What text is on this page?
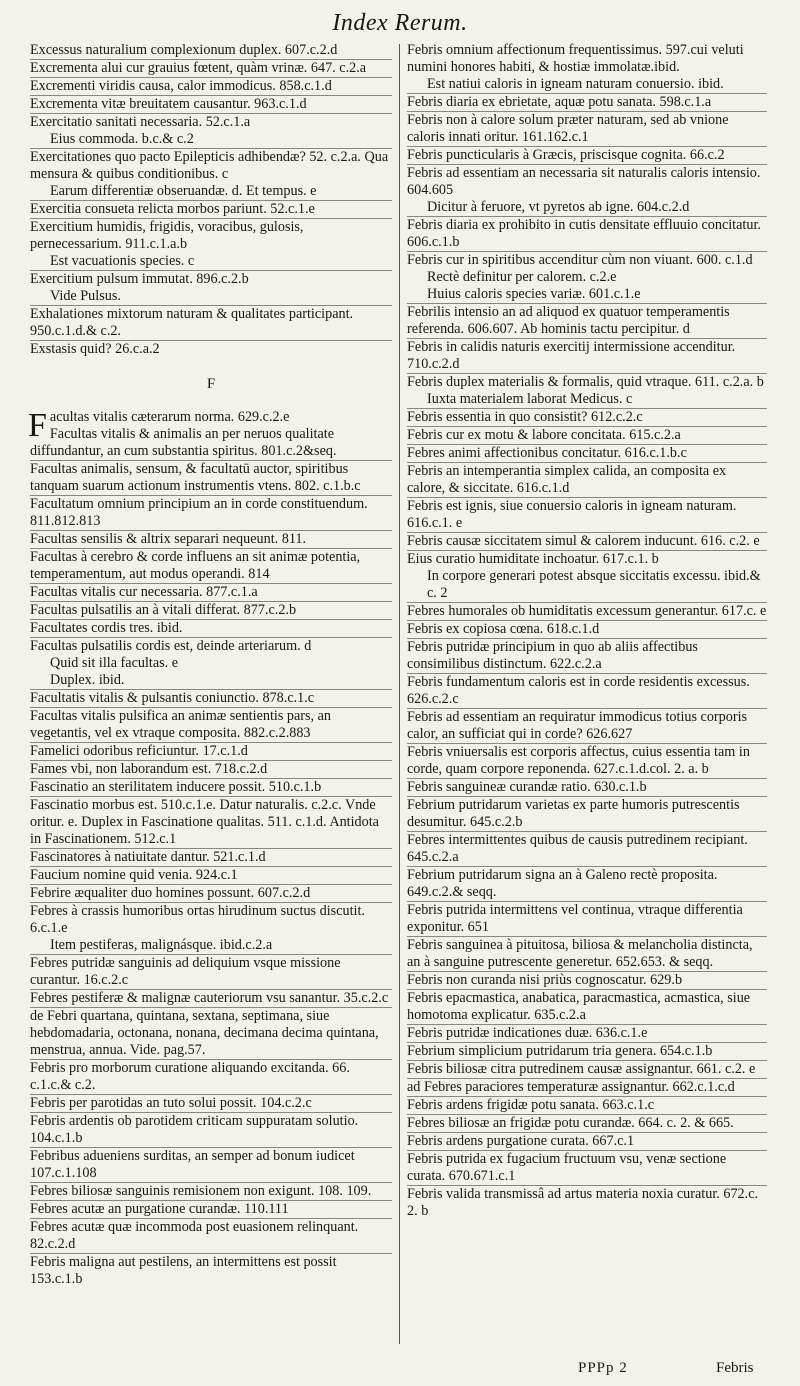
Index Rerum.

Excessus naturalium complexionum duplex. 607.c.2.d

Excrementa alui cur grauius fœtent, quàm vrinæ. 647. c.2.a

Excrementi viridis causa, calor immodicus. 858.c.1.d

Excrementa vitæ breuitatem causantur. 963.c.1.d

Exercitatio sanitati necessaria. 52.c.1.a

Eius commoda. b.c.& c.2

Exercitationes quo pacto Epilepticis adhibendæ? 52. c.2.a. Qua mensura & quibus conditionibus. c

Earum differentiæ obseruandæ. d. Et tempus. e

Exercitia consueta relicta morbos pariunt. 52.c.1.e

Exercitium humidis, frigidis, voracibus, gulosis, pernecessarium. 911.c.1.a.b

Est vacuationis species. c

Exercitium pulsum immutat. 896.c.2.b

Vide Pulsus.

Exhalationes mixtorum naturam & qualitates participant. 950.c.1.d.& c.2.

Exstasis quid? 26.c.a.2

F

Facultas vitalis cæterarum norma. 629.c.2.e

Facultas vitalis & animalis an per neruos qualitate diffundantur, an cum substantia spiritus. 801.c.2&seq.

Facultas animalis, sensum, & facultatū auctor, spiritibus tanquam suarum actionum instrumentis vtens. 802. c.1.b.c

Facultatum omnium principium an in corde constituendum. 811.812.813

Facultas sensilis & altrix separari nequeunt. 811.

Facultas à cerebro & corde influens an sit animæ potentia, temperamentum, aut modus operandi. 814

Facultas vitalis cur necessaria. 877.c.1.a

Facultas pulsatilis an à vitali differat. 877.c.2.b

Facultates cordis tres. ibid.

Facultas pulsatilis cordis est, deinde arteriarum. d

Quid sit illa facultas. e

Duplex. ibid.

Facultatis vitalis & pulsantis coniunctio. 878.c.1.c

Facultas vitalis pulsifica an animæ sentientis pars, an vegetantis, vel ex vtraque composita. 882.c.2.883

Famelici odoribus reficiuntur. 17.c.1.d

Fames vbi, non laborandum est. 718.c.2.d

Fascinatio an sterilitatem inducere possit. 510.c.1.b

Fascinatio morbus est. 510.c.1.e. Datur naturalis. c.2.c. Vnde oritur. e. Duplex in Fascinatione qualitas. 511. c.1.d. Antidota in Fascinationem. 512.c.1

Fascinatores à natiuitate dantur. 521.c.1.d

Faucium nomine quid venia. 924.c.1

Febrire æqualiter duo homines possunt. 607.c.2.d

Febres à crassis humoribus ortas hirudinum suctus discutit. 6.c.1.e

Item pestiferas, malignásque. ibid.c.2.a

Febres putridæ sanguinis ad deliquium vsque missione curantur. 16.c.2.c

Febres pestiferæ & malignæ cauteriorum vsu sanantur. 35.c.2.c

de Febri quartana, quintana, sextana, septimana, siue hebdomadaria, octonana, nonana, decimana decima quintana, menstrua, annua. Vide. pag.57.

Febris pro morborum curatione aliquando excitanda. 66. c.1.c.& c.2.

Febris per parotidas an tuto solui possit. 104.c.2.c

Febris ardentis ob parotidem criticam suppuratam solutio. 104.c.1.b

Febribus adueniens surditas, an semper ad bonum iudicet 107.c.1.108

Febres biliosæ sanguinis remisionem non exigunt. 108. 109.

Febres acutæ an purgatione curandæ. 110.111

Febres acutæ quæ incommoda post euasionem relinquant. 82.c.2.d

Febris maligna aut pestilens, an intermittens est possit 153.c.1.b

Febris omnium affectionum frequentissimus. 597.cui veluti numini honores habiti, & hostiæ immolatæ.ibid.

Est natiui caloris in igneam naturam conuersio. ibid.

Febris diaria ex ebrietate, aquæ potu sanata. 598.c.1.a

Febris non à calore solum præter naturam, sed ab vnione caloris innati oritur. 161.162.c.1

Febris puncticularis à Græcis, priscisque cognita. 66.c.2

Febris ad essentiam an necessaria sit naturalis caloris intensio. 604.605

Dicitur à feruore, vt pyretos ab igne. 604.c.2.d

Febris diaria ex prohibito in cutis densitate effluuio concitatur. 606.c.1.b

Febris cur in spiritibus accenditur cùm non viuant. 600. c.1.d

Rectè definitur per calorem. c.2.e

Huius caloris species variæ. 601.c.1.e

Febrilis intensio an ad aliquod ex quatuor temperamentis referenda. 606.607. Ab hominis tactu percipitur. d

Febris in calidis naturis exercitij intermissione accenditur. 710.c.2.d

Febris duplex materialis & formalis, quid vtraque. 611. c.2.a. b

Iuxta materialem laborat Medicus. c

Febris essentia in quo consistit? 612.c.2.c

Febris cur ex motu & labore concitata. 615.c.2.a

Febres animi affectionibus concitatur. 616.c.1.b.c

Febris an intemperantia simplex calida, an composita ex calore, & siccitate. 616.c.1.d

Febris est ignis, siue conuersio caloris in igneam naturam. 616.c.1. e

Febris causæ siccitatem simul & calorem inducunt. 616. c.2. e

Eius curatio humiditate inchoatur. 617.c.1. b

In corpore generari potest absque siccitatis excessu. ibid.& c. 2

Febres humorales ob humiditatis excessum generantur. 617.c. e

Febris ex copiosa cœna. 618.c.1.d

Febris putridæ principium in quo ab aliis affectibus consimilibus distinctum. 622.c.2.a

Febris fundamentum caloris est in corde residentis excessus. 626.c.2.c

Febris ad essentiam an requiratur immodicus totius corporis calor, an sufficiat qui in corde? 626.627

Febris vniuersalis est corporis affectus, cuius essentia tam in corde, quam corpore reponenda. 627.c.1.d.col. 2. a. b

Febris sanguineæ curandæ ratio. 630.c.1.b

Febrium putridarum varietas ex parte humoris putrescentis desumitur. 645.c.2.b

Febres intermittentes quibus de causis putredinem recipiant. 645.c.2.a

Febrium putridarum signa an à Galeno rectè proposita. 649.c.2.& seqq.

Febris putrida intermittens vel continua, vtraque differentia exponitur. 651

Febris sanguinea à pituitosa, biliosa & melancholia distincta, an à sanguine putrescente generetur. 652.653. & seqq.

Febris non curanda nisi priùs cognoscatur. 629.b

Febris epacmastica, anabatica, paracmastica, acmastica, siue homotoma explicatur. 635.c.2.a

Febris putridæ indicationes duæ. 636.c.1.e

Febrium simplicium putridarum tria genera. 654.c.1.b

Febris biliosæ citra putredinem causæ assignantur. 661. c.2. e

ad Febres paraciores temperaturæ assignantur. 662.c.1.c.d

Febris ardens frigidæ potu sanata. 663.c.1.c

Febres biliosæ an frigidæ potu curandæ. 664. c. 2. & 665.

Febris ardens purgatione curata. 667.c.1

Febris putrida ex fugacium fructuum vsu, venæ sectione curata. 670.671.c.1

Febris valida transmissâ ad artus materia noxia curatur. 672.c. 2. b

PPPp 2	Febris
